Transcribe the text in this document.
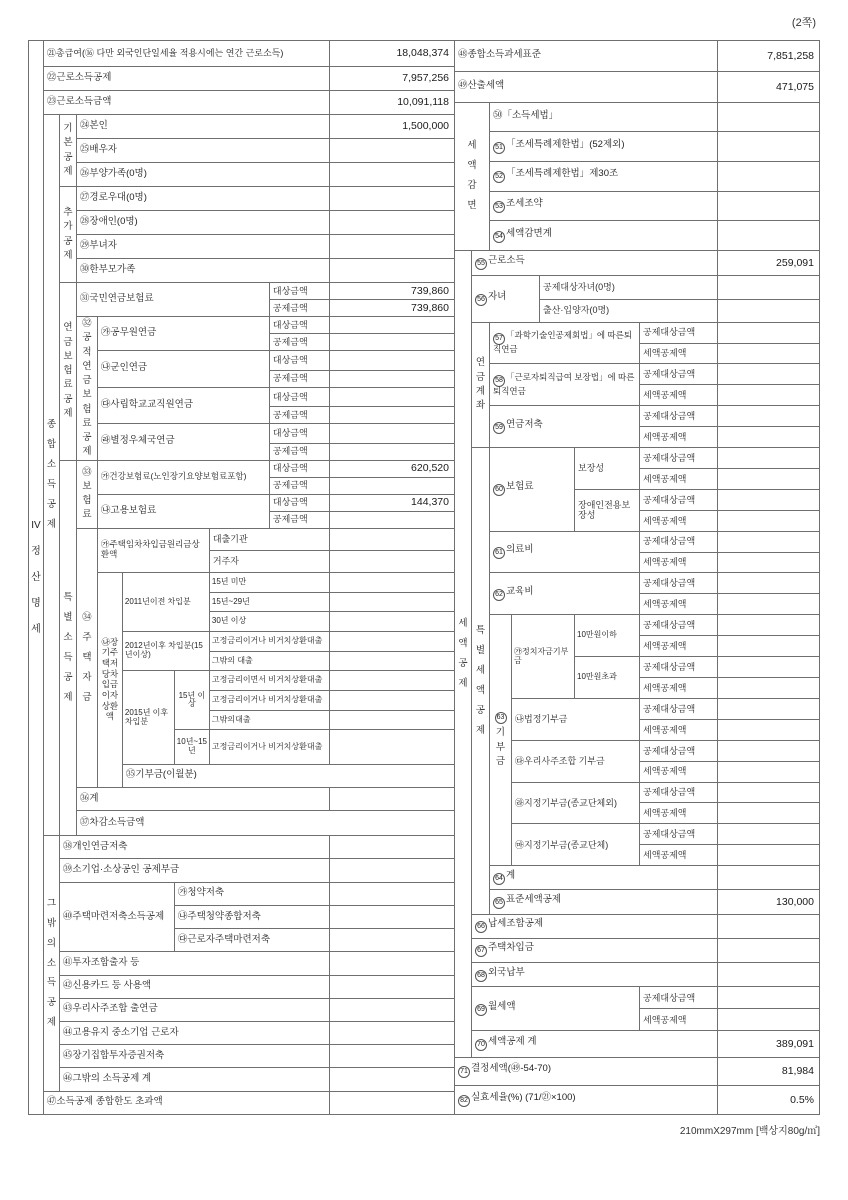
(2쪽)
IV
정산명세
㉑총급여(⑯ 다만 외국인단일세율 적용시에는 연간 근로소득)								18,048,374	
㉒근로소득공제								7,957,256	
㉓근로소득금액								10,091,118	
종합소득공제	기본공제	㉔본인						1,500,000	
		㉕배우자							
		㉖부양가족(0명)							
	추가공제	㉗경로우대(0명)							
		㉘장애인(0명)							
		㉙부녀자							
		㉚한부모가족							
	연금보험료공제	㉛국민연금보험료					대상금액	739,860	
							공제금액	739,860	
		㉜공적연금보험료공제	㉮공무원연금				대상금액		
							공제금액		
			㉯군인연금				대상금액		
							공제금액		
			㉰사립학교교직원연금				대상금액		
							공제금액		
			㉱별정우체국연금				대상금액		
							공제금액		
	특별소득공제	㉝보험료	㉮건강보험료(노인장기요양보험료포함)				대상금액	620,520	
							공제금액		
			㉯고용보험료				대상금액	144,370	
							공제금액		
		㉞주택자금	㉮주택임차차입금원리금상환액			대출기관			
						거주자			
			㉯장기주택저당차입금이자상환액	2011년이전 차입분		15년 미만			
						15년~29년			
						30년 이상			
				2012년이후 차입분(15년이상)		고정금리이거나 비거치상환대출			
						그밖의 대출			
				2015년 이후 차입분	15년 이상	고정금리이면서 비거치상환대출			
						고정금리이거나 비거치상환대출			
						그밖의대출			
					10년~15년	고정금리이거나 비거치상환대출			
				㉟기부금(이월분)					
		㊱계							
		㊲차감소득금액	
그밖의소득공제	㊳개인연금저축								
	㊴소기업·소상공인 공제부금								
	㊵주택마련저축소득공제				㉮청약저축				
					㉯주택청약종합저축				
					㉰근로자주택마련저축				
	㊶투자조합출자 등								
	㊷신용카드 등 사용액								
	㊸우리사주조합 출연금								
	㊹고용유지 중소기업 근로자								
	㊺장기집합투자증권저축								
	㊻그밖의 소득공제 계								
㊼소득공제 종합한도 초과액									
㊽종합소득과세표준							7,851,258
㊾산출세액							471,075
세액감면		㊿「소득세법」					
		51 「조세특례제한법」(52제외)					
		52 「조세특례제한법」제30조					
		53 조세조약					
		54 세액감면계					
세액공제	55 근로소득						259,091
	56 자녀			공제대상자녀(0명)			
				출산·입양자(0명)			
	연금계좌	57 「과학기술인공제회법」에 따른퇴직연금				공제대상금액	
						세액공제액	
		58 「근로자퇴직급여 보장법」에 따른퇴직연금				공제대상금액	
						세액공제액	
		59 연금저축				공제대상금액	
						세액공제액	
	특별세액공제	60 보험료			보장성	공제대상금액	
						세액공제액	
					장애인전용보장성	공제대상금액	
						세액공제액	
		61 의료비				공제대상금액	
						세액공제액	
		62 교육비				공제대상금액	
						세액공제액	

		63
기부금	㉮정치자금기부금		10만원이하	공제대상금액	
						세액공제액	
					10만원초과	공제대상금액	
						세액공제액	
			㉯법정기부금			공제대상금액	
						세액공제액	
			㉰우리사주조합 기부금			공제대상금액	
						세액공제액	
			㉱지정기부금(종교단체외)			공제대상금액	
						세액공제액	
			㉲지정기부금(종교단체)			공제대상금액	
						세액공제액	
		64 계					
		65 표준세액공제					130,000
	66 납세조합공제						
	67 주택차입금						
	68 외국납부						
	69 월세액					공제대상금액	
						세액공제액	
	70 세액공제 계						389,091
71 결정세액(㊾-54-70)							81,984
82 실효세율(%) (71/㉑×100)							0.5%
210mmX297mm [백상지80g/㎡]
